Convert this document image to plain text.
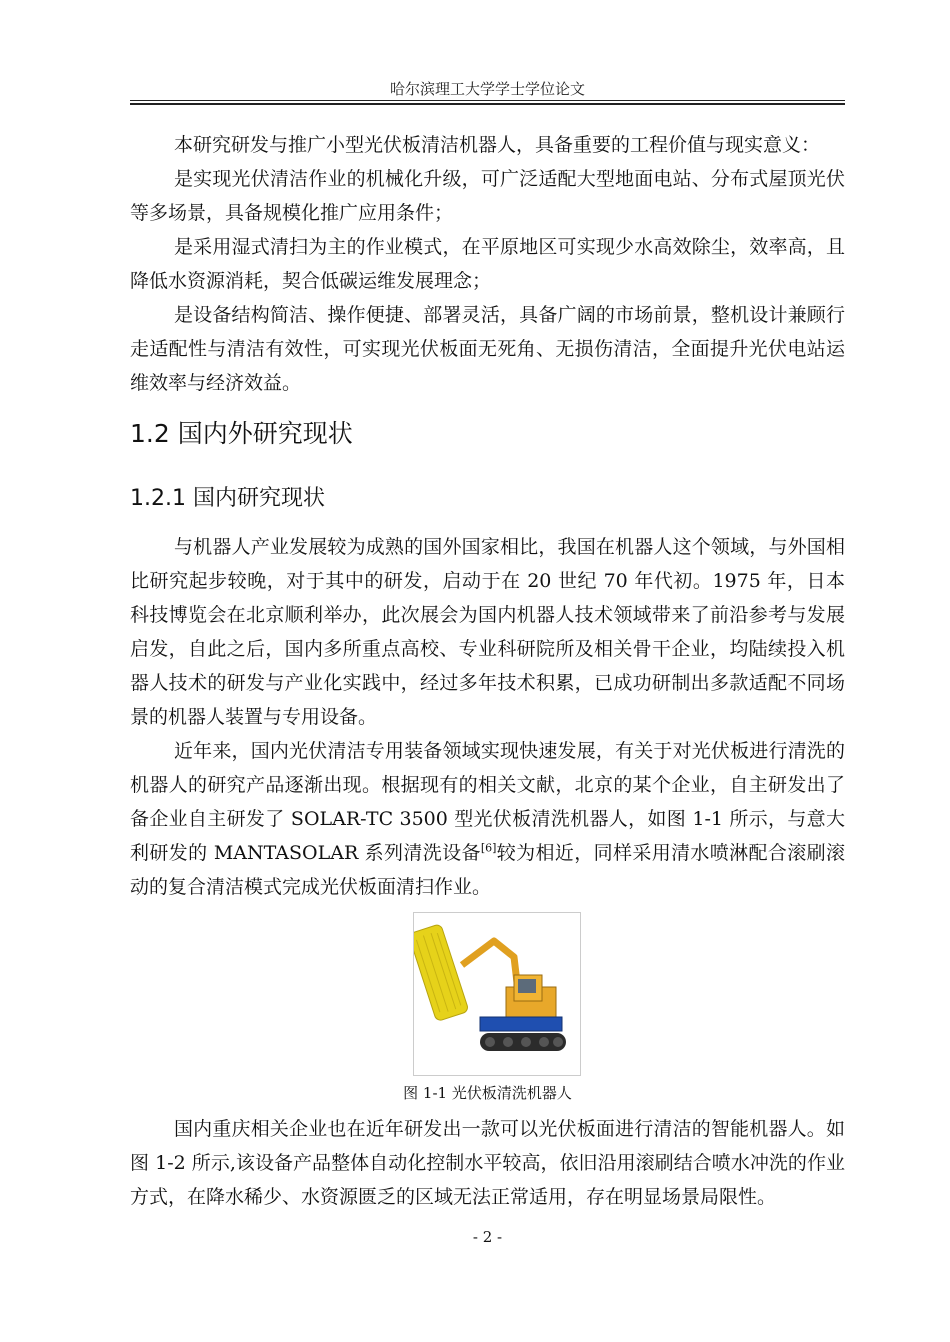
哈尔滨理工大学学士学位论文

本研究研发与推广小型光伏板清洁机器人，具备重要的工程价值与现实意义：

是实现光伏清洁作业的机械化升级，可广泛适配大型地面电站、分布式屋顶光伏等多场景，具备规模化推广应用条件；

是采用湿式清扫为主的作业模式，在平原地区可实现少水高效除尘，效率高，且降低水资源消耗，契合低碳运维发展理念；

是设备结构简洁、操作便捷、部署灵活，具备广阔的市场前景，整机设计兼顾行走适配性与清洁有效性，可实现光伏板面无死角、无损伤清洁，全面提升光伏电站运维效率与经济效益。

1.2 国内外研究现状
1.2.1 国内研究现状

与机器人产业发展较为成熟的国外国家相比，我国在机器人这个领域，与外国相比研究起步较晚，对于其中的研发，启动于在 20 世纪 70 年代初。1975 年，日本科技博览会在北京顺利举办，此次展会为国内机器人技术领域带来了前沿参考与发展启发，自此之后，国内多所重点高校、专业科研院所及相关骨干企业，均陆续投入机器人技术的研发与产业化实践中，经过多年技术积累，已成功研制出多款适配不同场景的机器人装置与专用设备。

近年来，国内光伏清洁专用装备领域实现快速发展，有关于对光伏板进行清洗的机器人的研究产品逐渐出现。根据现有的相关文献，北京的某个企业，自主研发出了备企业自主研发了 SOLAR-TC 3500 型光伏板清洗机器人，如图 1-1 所示，与意大利研发的 MANTASOLAR 系列清洗设备[6]较为相近，同样采用清水喷淋配合滚刷滚动的复合清洁模式完成光伏板面清扫作业。

图 1-1 光伏板清洗机器人

国内重庆相关企业也在近年研发出一款可以光伏板面进行清洁的智能机器人。如图 1-2 所示,该设备产品整体自动化控制水平较高，依旧沿用滚刷结合喷水冲洗的作业方式，在降水稀少、水资源匮乏的区域无法正常适用，存在明显场景局限性。

- 2 -
